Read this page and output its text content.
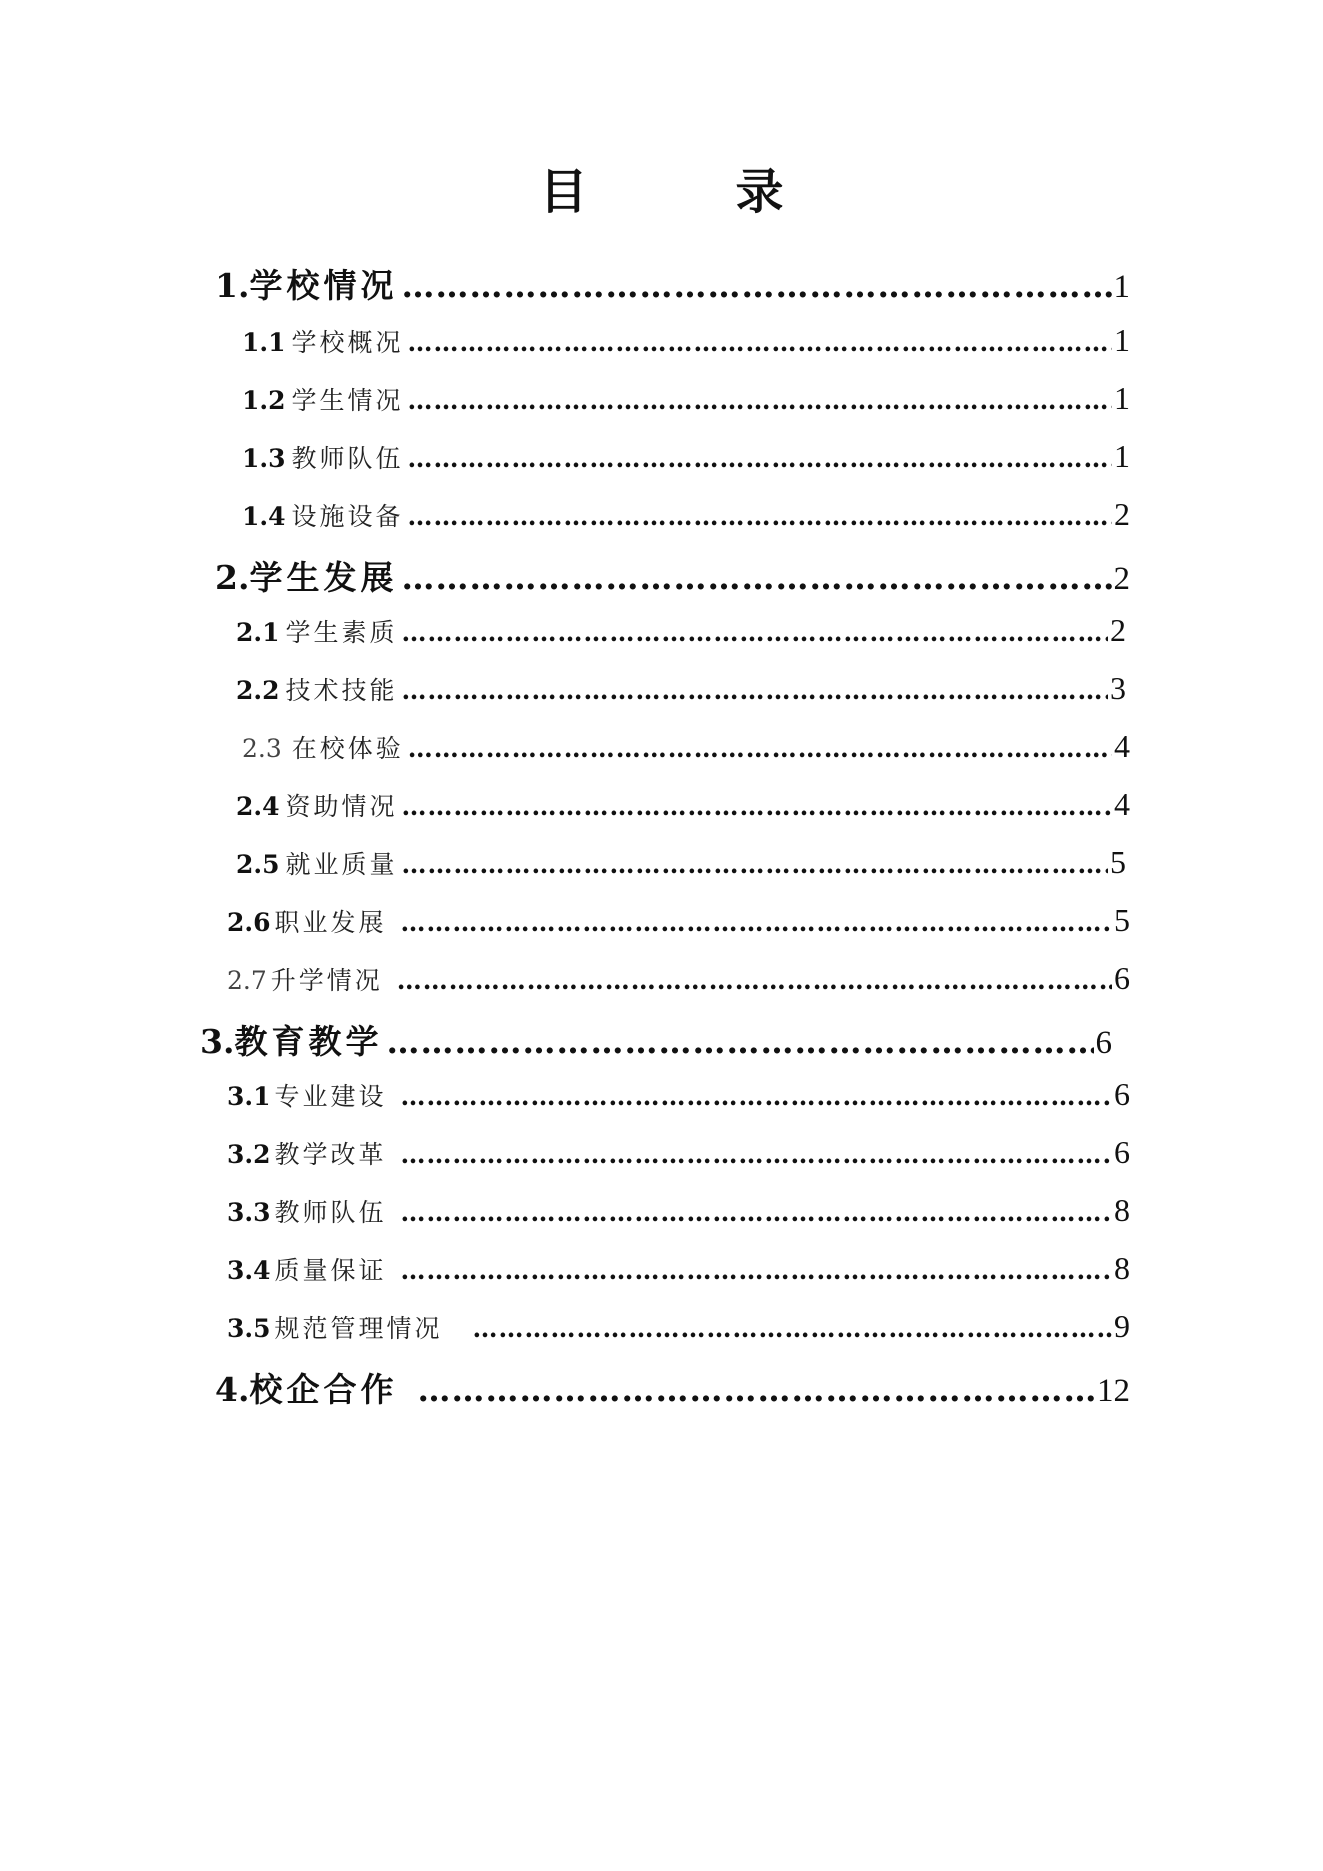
目　录
1. 学校情况 …………………………………………………………………………………………………………………………………………………………………………	1
1.1 学校概况 …………………………………………………………………………………………………………………………………………………………………………	1
1.2 学生情况 …………………………………………………………………………………………………………………………………………………………………………	1
1.3 教师队伍 …………………………………………………………………………………………………………………………………………………………………………	1
1.4 设施设备 …………………………………………………………………………………………………………………………………………………………………………	2
2. 学生发展 …………………………………………………………………………………………………………………………………………………………………………	2
2.1 学生素质 …………………………………………………………………………………………………………………………………………………………………………	2
2.2 技术技能 …………………………………………………………………………………………………………………………………………………………………………	3
2.3 在校体验 …………………………………………………………………………………………………………………………………………………………………………	4
2.4 资助情况 …………………………………………………………………………………………………………………………………………………………………………	4
2.5 就业质量 …………………………………………………………………………………………………………………………………………………………………………	5
2.6 职业发展 …………………………………………………………………………………………………………………………………………………………………………	5
2.7 升学情况 …………………………………………………………………………………………………………………………………………………………………………	6
3. 教育教学 …………………………………………………………………………………………………………………………………………………………………………	6
3.1 专业建设 …………………………………………………………………………………………………………………………………………………………………………	6
3.2 教学改革 …………………………………………………………………………………………………………………………………………………………………………	6
3.3 教师队伍 …………………………………………………………………………………………………………………………………………………………………………	8
3.4 质量保证 …………………………………………………………………………………………………………………………………………………………………………	8
3.5 规范管理情况 …………………………………………………………………………………………………………………………………………………………………………	9
4. 校企合作 …………………………………………………………………………………………………………………………………………………………………………	12
